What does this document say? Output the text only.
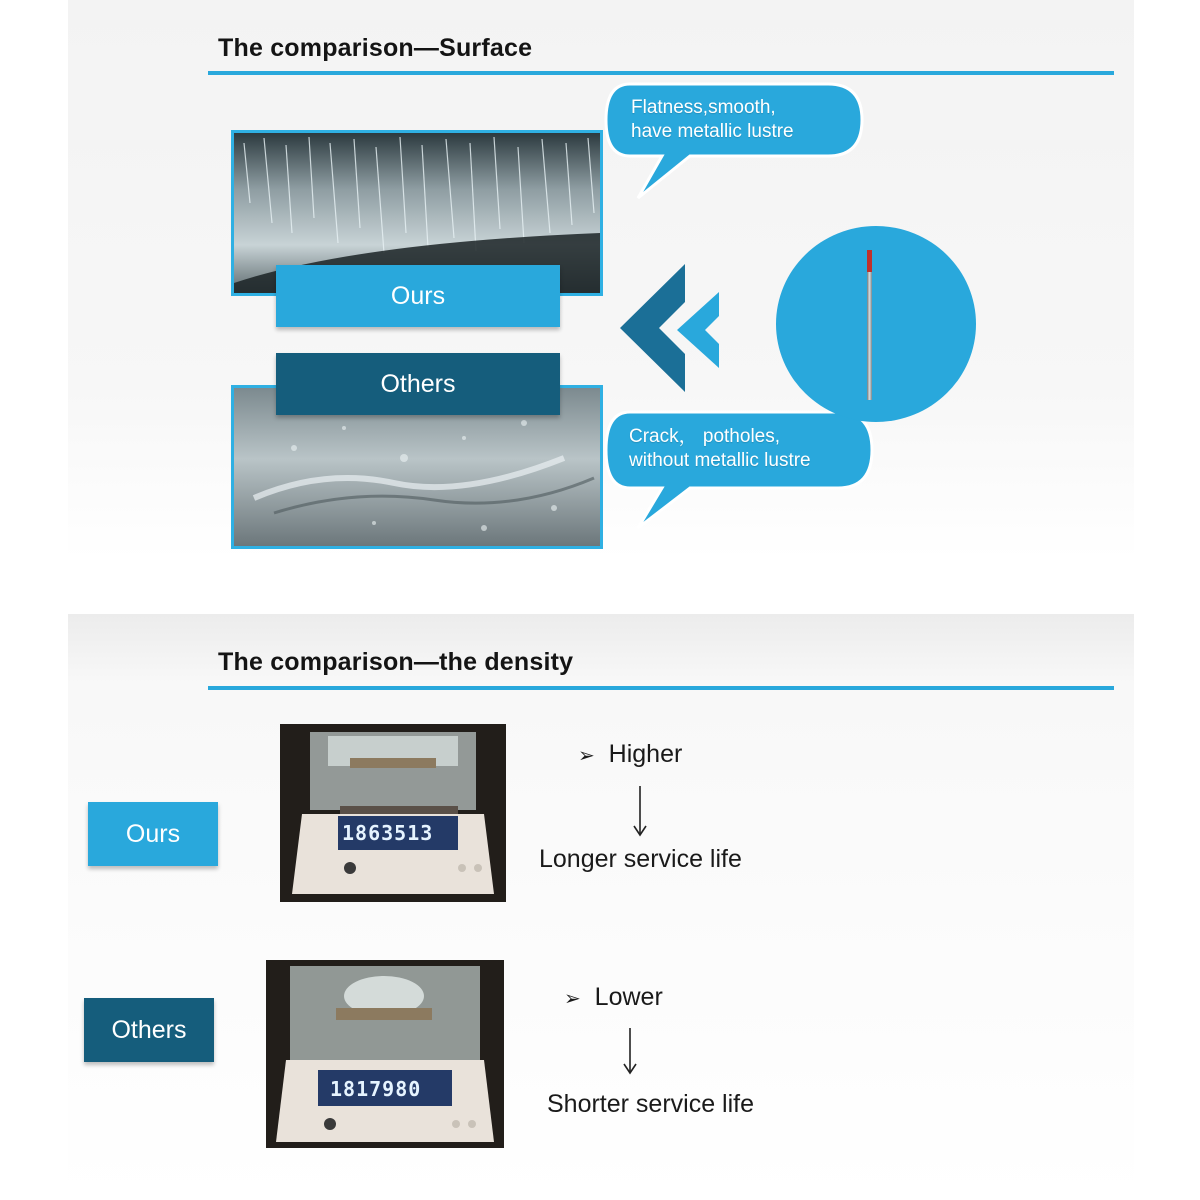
The comparison—Surface
Ours
Others
Flatness,smooth,
have metallic lustre
Crack， potholes,
without metallic lustre
The comparison—the density
Ours	1863513
➢ Higher
Longer service life
Others
1817980
➢ Lower
Shorter service life
